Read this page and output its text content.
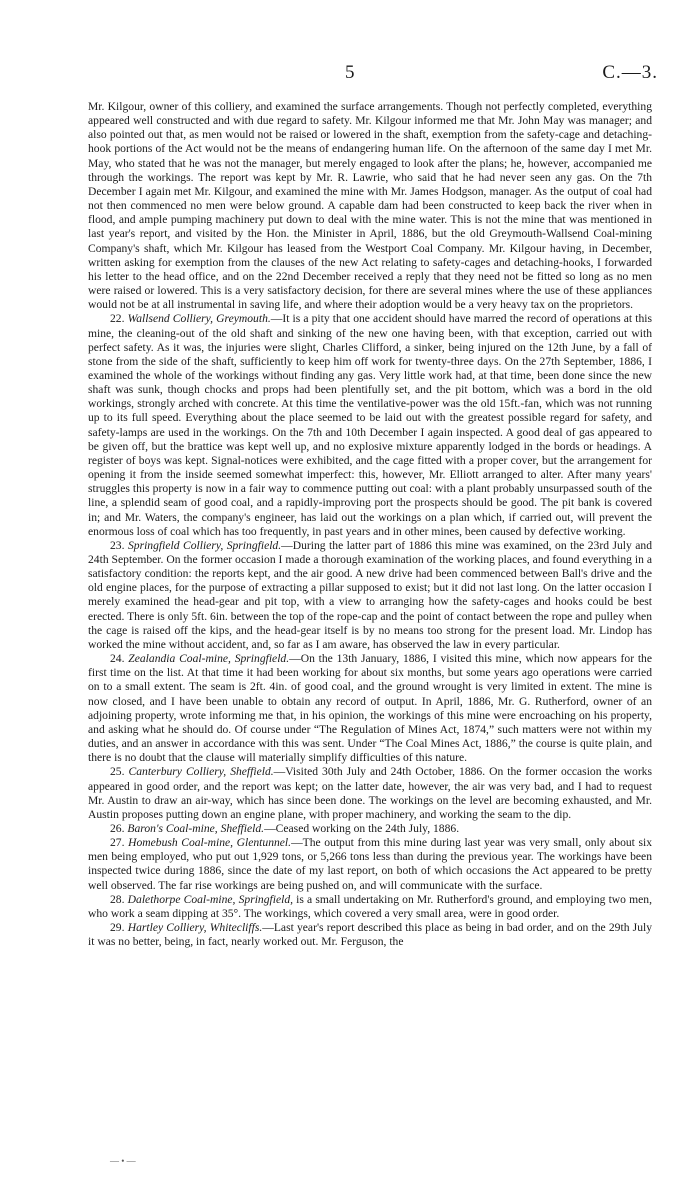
5	C.—3.

Mr. Kilgour, owner of this colliery, and examined the surface arrangements. Though not perfectly completed, everything appeared well constructed and with due regard to safety. Mr. Kilgour informed me that Mr. John May was manager; and also pointed out that, as men would not be raised or lowered in the shaft, exemption from the safety-cage and detaching-hook portions of the Act would not be the means of endangering human life. On the afternoon of the same day I met Mr. May, who stated that he was not the manager, but merely engaged to look after the plans; he, however, accompanied me through the workings. The report was kept by Mr. R. Lawrie, who said that he had never seen any gas. On the 7th December I again met Mr. Kilgour, and examined the mine with Mr. James Hodgson, manager. As the output of coal had not then commenced no men were below ground. A capable dam had been constructed to keep back the river when in flood, and ample pumping machinery put down to deal with the mine water. This is not the mine that was mentioned in last year's report, and visited by the Hon. the Minister in April, 1886, but the old Greymouth-Wallsend Coal-mining Company's shaft, which Mr. Kilgour has leased from the Westport Coal Company. Mr. Kilgour having, in December, written asking for exemption from the clauses of the new Act relating to safety-cages and detaching-hooks, I forwarded his letter to the head office, and on the 22nd December received a reply that they need not be fitted so long as no men were raised or lowered. This is a very satisfactory decision, for there are several mines where the use of these appliances would not be at all instrumental in saving life, and where their adoption would be a very heavy tax on the proprietors.

22. Wallsend Colliery, Greymouth.—It is a pity that one accident should have marred the record of operations at this mine, the cleaning-out of the old shaft and sinking of the new one having been, with that exception, carried out with perfect safety. As it was, the injuries were slight, Charles Clifford, a sinker, being injured on the 12th June, by a fall of stone from the side of the shaft, sufficiently to keep him off work for twenty-three days. On the 27th September, 1886, I examined the whole of the workings without finding any gas. Very little work had, at that time, been done since the new shaft was sunk, though chocks and props had been plentifully set, and the pit bottom, which was a bord in the old workings, strongly arched with concrete. At this time the ventilative-power was the old 15ft.-fan, which was not running up to its full speed. Everything about the place seemed to be laid out with the greatest possible regard for safety, and safety-lamps are used in the workings. On the 7th and 10th December I again inspected. A good deal of gas appeared to be given off, but the brattice was kept well up, and no explosive mixture apparently lodged in the bords or headings. A register of boys was kept. Signal-notices were exhibited, and the cage fitted with a proper cover, but the arrangement for opening it from the inside seemed somewhat imperfect: this, however, Mr. Elliott arranged to alter. After many years' struggles this property is now in a fair way to commence putting out coal: with a plant probably unsurpassed south of the line, a splendid seam of good coal, and a rapidly-improving port the prospects should be good. The pit bank is covered in; and Mr. Waters, the company's engineer, has laid out the workings on a plan which, if carried out, will prevent the enormous loss of coal which has too frequently, in past years and in other mines, been caused by defective working.

23. Springfield Colliery, Springfield.—During the latter part of 1886 this mine was examined, on the 23rd July and 24th September. On the former occasion I made a thorough examination of the working places, and found everything in a satisfactory condition: the reports kept, and the air good. A new drive had been commenced between Ball's drive and the old engine places, for the purpose of extracting a pillar supposed to exist; but it did not last long. On the latter occasion I merely examined the head-gear and pit top, with a view to arranging how the safety-cages and hooks could be best erected. There is only 5ft. 6in. between the top of the rope-cap and the point of contact between the rope and pulley when the cage is raised off the kips, and the head-gear itself is by no means too strong for the present load. Mr. Lindop has worked the mine without accident, and, so far as I am aware, has observed the law in every particular.

24. Zealandia Coal-mine, Springfield.—On the 13th January, 1886, I visited this mine, which now appears for the first time on the list. At that time it had been working for about six months, but some years ago operations were carried on to a small extent. The seam is 2ft. 4in. of good coal, and the ground wrought is very limited in extent. The mine is now closed, and I have been unable to obtain any record of output. In April, 1886, Mr. G. Rutherford, owner of an adjoining property, wrote informing me that, in his opinion, the workings of this mine were encroaching on his property, and asking what he should do. Of course under “The Regulation of Mines Act, 1874,” such matters were not within my duties, and an answer in accordance with this was sent. Under “The Coal Mines Act, 1886,” the course is quite plain, and there is no doubt that the clause will materially simplify difficulties of this nature.

25. Canterbury Colliery, Sheffield.—Visited 30th July and 24th October, 1886. On the former occasion the works appeared in good order, and the report was kept; on the latter date, however, the air was very bad, and I had to request Mr. Austin to draw an air-way, which has since been done. The workings on the level are becoming exhausted, and Mr. Austin proposes putting down an engine plane, with proper machinery, and working the seam to the dip.

26. Baron's Coal-mine, Sheffield.—Ceased working on the 24th July, 1886.

27. Homebush Coal-mine, Glentunnel.—The output from this mine during last year was very small, only about six men being employed, who put out 1,929 tons, or 5,266 tons less than during the previous year. The workings have been inspected twice during 1886, since the date of my last report, on both of which occasions the Act appeared to be pretty well observed. The far rise workings are being pushed on, and will communicate with the surface.

28. Dalethorpe Coal-mine, Springfield, is a small undertaking on Mr. Rutherford's ground, and employing two men, who work a seam dipping at 35°. The workings, which covered a very small area, were in good order.

29. Hartley Colliery, Whitecliffs.—Last year's report described this place as being in bad order, and on the 29th July it was no better, being, in fact, nearly worked out. Mr. Ferguson, the

— • —
